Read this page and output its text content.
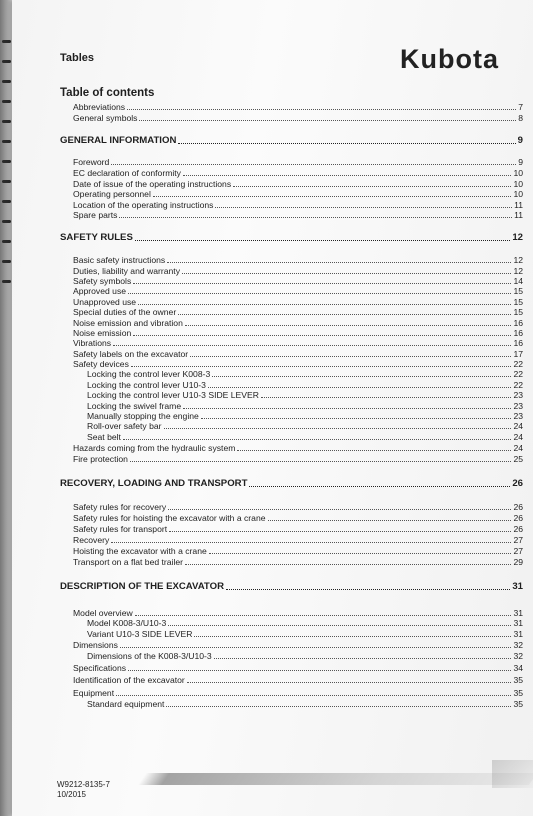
Tables	Kubota
Table of contents
Abbreviations	7
General symbols	8
GENERAL INFORMATION	9
Foreword	9
EC declaration of conformity	10
Date of issue of the operating instructions	10
Operating personnel	10
Location of the operating instructions	11
Spare parts	11
SAFETY RULES	12
Basic safety instructions	12
Duties, liability and warranty	12
Safety symbols	14
Approved use	15
Unapproved use	15
Special duties of the owner	15
Noise emission and vibration	16
Noise emission	16
Vibrations	16
Safety labels on the excavator	17
Safety devices	22
Locking the control lever K008-3	22
Locking the control lever U10-3	22
Locking the control lever U10-3 SIDE LEVER	23
Locking the swivel frame	23
Manually stopping the engine	23
Roll-over safety bar	24
Seat belt	24
Hazards coming from the hydraulic system	24
Fire protection	25
RECOVERY, LOADING AND TRANSPORT	26
Safety rules for recovery	26
Safety rules for hoisting the excavator with a crane	26
Safety rules for transport	26
Recovery	27
Hoisting the excavator with a crane	27
Transport on a flat bed trailer	29
DESCRIPTION OF THE EXCAVATOR	31
Model overview	31
Model K008-3/U10-3	31
Variant U10-3 SIDE LEVER	31
Dimensions	32
Dimensions of the K008-3/U10-3	32
Specifications	34
Identification of the excavator	35
Equipment	35
Standard equipment	35
W9212-8135-7
10/2015
